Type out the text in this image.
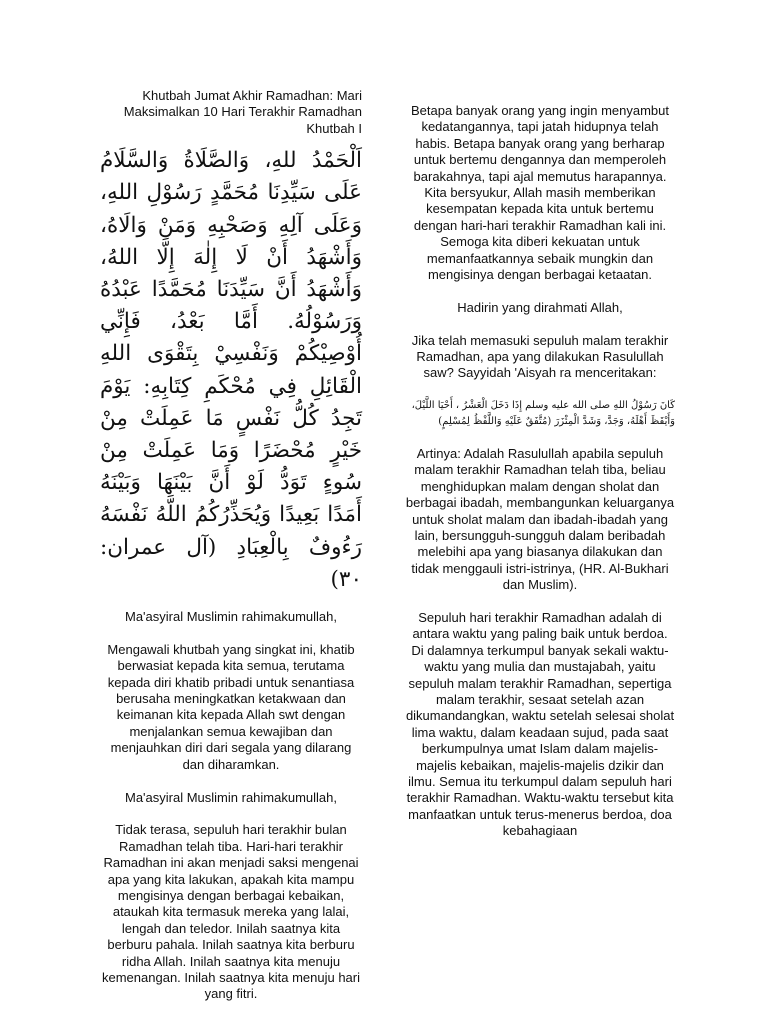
Khutbah Jumat Akhir Ramadhan: Mari
Maksimalkan 10 Hari Terakhir Ramadhan
Khutbah I

اَلْحَمْدُ للهِ، وَالصَّلَاةُ وَالسَّلَامُ عَلَى سَيِّدِنَا مُحَمَّدٍ رَسُوْلِ اللهِ، وَعَلَى آلِهِ وَصَحْبِهِ وَمَنْ وَالَاهُ، وَأَشْهَدُ أَنْ لَا إِلٰهَ إِلَّا اللهُ، وَأَشْهَدُ أَنَّ سَيِّدَنَا مُحَمَّدًا عَبْدُهُ وَرَسُوْلُهُ. أَمَّا بَعْدُ، فَإِنِّي أُوْصِيْكُمْ وَنَفْسِيْ بِتَقْوَى اللهِ الْقَائِلِ فِي مُحْكَمِ كِتَابِهِ: يَوْمَ تَجِدُ كُلُّ نَفْسٍ مَا عَمِلَتْ مِنْ خَيْرٍ مُحْضَرًا وَمَا عَمِلَتْ مِنْ سُوءٍ تَوَدُّ لَوْ أَنَّ بَيْنَهَا وَبَيْنَهُ أَمَدًا بَعِيدًا وَيُحَذِّرُكُمُ اللَّهُ نَفْسَهُ رَءُوفٌ بِالْعِبَادِ (آل عمران: ٣٠)

Ma'asyiral Muslimin rahimakumullah,

Mengawali khutbah yang singkat ini, khatib berwasiat kepada kita semua, terutama kepada diri khatib pribadi untuk senantiasa berusaha meningkatkan ketakwaan dan keimanan kita kepada Allah swt dengan menjalankan semua kewajiban dan menjauhkan diri dari segala yang dilarang dan diharamkan.

Ma'asyiral Muslimin rahimakumullah,

Tidak terasa, sepuluh hari terakhir bulan Ramadhan telah tiba. Hari-hari terakhir Ramadhan ini akan menjadi saksi mengenai apa yang kita lakukan, apakah kita mampu mengisinya dengan berbagai kebaikan, ataukah kita termasuk mereka yang lalai, lengah dan teledor. Inilah saatnya kita berburu pahala. Inilah saatnya kita berburu ridha Allah. Inilah saatnya kita menuju kemenangan. Inilah saatnya kita menuju hari yang fitri.

Betapa banyak orang yang ingin menyambut kedatangannya, tapi jatah hidupnya telah habis. Betapa banyak orang yang berharap untuk bertemu dengannya dan memperoleh barakahnya, tapi ajal memutus harapannya. Kita bersyukur, Allah masih memberikan kesempatan kepada kita untuk bertemu dengan hari-hari terakhir Ramadhan kali ini. Semoga kita diberi kekuatan untuk memanfaatkannya sebaik mungkin dan mengisinya dengan berbagai ketaatan.

Hadirin yang dirahmati Allah,

Jika telah memasuki sepuluh malam terakhir Ramadhan, apa yang dilakukan Rasulullah saw? Sayyidah 'Aisyah ra menceritakan:

كَانَ رَسُوْلُ اللهِ صلى الله عليه وسلم إِذَا دَخَلَ الْعَشْرُ ، أَحْيَا اللَّيْلَ، وَأَيْقَظَ أَهْلَهُ، وَجَدَّ، وَشَدَّ الْمِئْزَرَ (مُتَّفَقٌ عَلَيْهِ وَاللَّفْظُ لِمُسْلِمٍ)

Artinya: Adalah Rasulullah apabila sepuluh malam terakhir Ramadhan telah tiba, beliau menghidupkan malam dengan sholat dan berbagai ibadah, membangunkan keluarganya untuk sholat malam dan ibadah-ibadah yang lain, bersungguh-sungguh dalam beribadah melebihi apa yang biasanya dilakukan dan tidak menggauli istri-istrinya, (HR. Al-Bukhari dan Muslim).

Sepuluh hari terakhir Ramadhan adalah di antara waktu yang paling baik untuk berdoa. Di dalamnya terkumpul banyak sekali waktu-waktu yang mulia dan mustajabah, yaitu sepuluh malam terakhir Ramadhan, sepertiga malam terakhir, sesaat setelah azan dikumandangkan, waktu setelah selesai sholat lima waktu, dalam keadaan sujud, pada saat berkumpulnya umat Islam dalam majelis-majelis kebaikan, majelis-majelis dzikir dan ilmu. Semua itu terkumpul dalam sepuluh hari terakhir Ramadhan. Waktu-waktu tersebut kita manfaatkan untuk terus-menerus berdoa, doa kebahagiaan
